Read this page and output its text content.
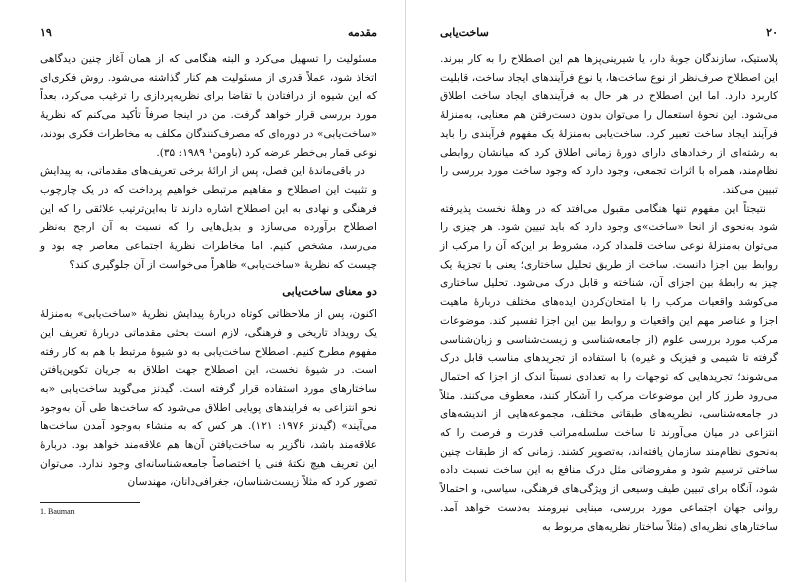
۱۹	مقدمه

مسئولیت را تسهیل می‌کرد و البته هنگامی که از همان آغاز چنین دیدگاهی اتخاذ شود، عملاً قدری از مسئولیت هم کنار گذاشته می‌شود. روش فکری‌ای که این شیوه از درافتادن با تقاضا برای نظریه‌پردازی را ترغیب می‌کرد، بعداً مورد بررسی قرار خواهد گرفت. من در اینجا صرفاً تأکید می‌کنم که نظریهٔ «ساخت‌یابی» در دوره‌ای که مصرف‌کنندگان مکلف به مخاطرات فکری بودند، نوعی قمار بی‌خطر عرضه کرد (باومن¹ ۱۹۸۹: ۳۵).

در باقی‌ماندهٔ این فصل، پس از ارائهٔ برخی تعریف‌های مقدماتی، به پیدایش و تثبیت این اصطلاح و مفاهیم مرتبطی خواهیم پرداخت که در یک چارچوب فرهنگی و نهادی به این اصطلاح اشاره دارند تا به‌این‌ترتیب علائقی را که این اصطلاح برآورده می‌سازد و بدیل‌هایی را که نسبت به آن ارجح به‌نظر می‌رسد، مشخص کنیم. اما مخاطرات نظریهٔ اجتماعی معاصر چه بود و چیست که نظریهٔ «ساخت‌یابی» ظاهراً می‌خواست از آن جلوگیری کند؟

دو معنای ساخت‌یابی

اکنون، پس از ملاحظاتی کوتاه دربارهٔ پیدایش نظریهٔ «ساخت‌یابی» به‌منزلهٔ یک رویداد تاریخی و فرهنگی، لازم است بحثی مقدماتی دربارهٔ تعریف این مفهوم مطرح کنیم. اصطلاح ساخت‌یابی به دو شیوهٔ مرتبط با هم به کار رفته است. در شیوهٔ نخست، این اصطلاح جهت اطلاق به جریان تکوین‌یافتن ساختارهای مورد استفاده قرار گرفته است. گیدنز می‌گوید ساخت‌یابی «به نحو انتزاعی به فرایندهای پویایی اطلاق می‌شود که ساخت‌ها طی آن به‌وجود می‌آیند» (گیدنز ۱۹۷۶: ۱۲۱). هر کس که به منشاء به‌وجود آمدن ساخت‌ها علاقه‌مند باشد، ناگزیر به ساخت‌یافتن آن‌ها هم علاقه‌مند خواهد بود. دربارهٔ این تعریف هیچ نکتهٔ فنی یا اختصاصاً جامعه‌شناسانه‌ای وجود ندارد. می‌توان تصور کرد که مثلاً زیست‌شناسان، جغرافی‌دانان، مهندسان

1. Bauman
ساخت‌یابی	۲۰

پلاستیک، سازندگان جوبهٔ دار، یا شیرینی‌پزها هم این اصطلاح را به کار ببرند. این اصطلاح صرف‌نظر از نوع ساخت‌ها، یا نوع فرآیندهای ایجاد ساخت، قابلیت کاربرد دارد. اما این اصطلاح در هر حال به فرآیندهای ایجاد ساخت اطلاق می‌شود. این نحوهٔ استعمال را می‌توان بدون دست‌رفتن هم معنایی، به‌منزلهٔ فرآیند ایجاد ساخت تعبیر کرد. ساخت‌یابی به‌منزلهٔ یک مفهوم فرآیندی را باید به رشته‌ای از رخدادهای دارای دورهٔ زمانی اطلاق کرد که میانشان روابطی نظام‌مند، همراه با اثرات تجمعی، وجود دارد که وجود ساخت مورد بررسی را تبیین می‌کند.

نتیجتاً این مفهوم تنها هنگامی مقبول می‌افتد که در وهلهٔ نخست پذیرفته شود به‌نحوی از انحا «ساخت»ی وجود دارد که باید تبیین شود. هر چیزی را می‌توان به‌منزلهٔ نوعی ساخت قلمداد کرد، مشروط بر این‌که آن را مرکب از روابط بین اجزا دانست. ساخت از طریق تحلیل ساختاری؛ یعنی با تجزیهٔ یک چیز به رابطهٔ بین اجزای آن، شناخته و قابل درک می‌شود. تحلیل ساختاری می‌کوشد واقعیات مرکب را با امتحان‌کردن ایده‌های مختلف دربارهٔ ماهیت اجزا و عناصر مهم این واقعیات و روابط بین این اجزا تفسیر کند. موضوعات مرکب مورد بررسی علوم (از جامعه‌شناسی و زیست‌شناسی و زبان‌شناسی گرفته تا شیمی و فیزیک و غیره) با استفاده از تجریدهای مناسب قابل درک می‌شوند؛ تجریدهایی که توجهات را به تعدادی نسبتاً اندک از اجزا که احتمال می‌رود طرز کار این موضوعات مرکب را آشکار کنند، معطوف می‌کنند. مثلاً در جامعه‌شناسی، نظریه‌های طبقاتی مختلف، مجموعه‌هایی از اندیشه‌های انتزاعی در میان می‌آورند تا ساخت سلسله‌مراتب قدرت و فرصت را که به‌نحوی نظام‌مند سازمان یافته‌اند، به‌تصویر کشند. زمانی که از طبقات چنین ساختی ترسیم شود و مفروضاتی مثل درک منافع به این ساخت نسبت داده شود، آنگاه برای تبیین طیف وسیعی از ویژگی‌های فرهنگی، سیاسی، و احتمالاً روانی جهان اجتماعی مورد بررسی، مبنایی نیرومند به‌دست خواهد آمد. ساختارهای نظریه‌ای (مثلاً ساختار نظریه‌های مربوط به
